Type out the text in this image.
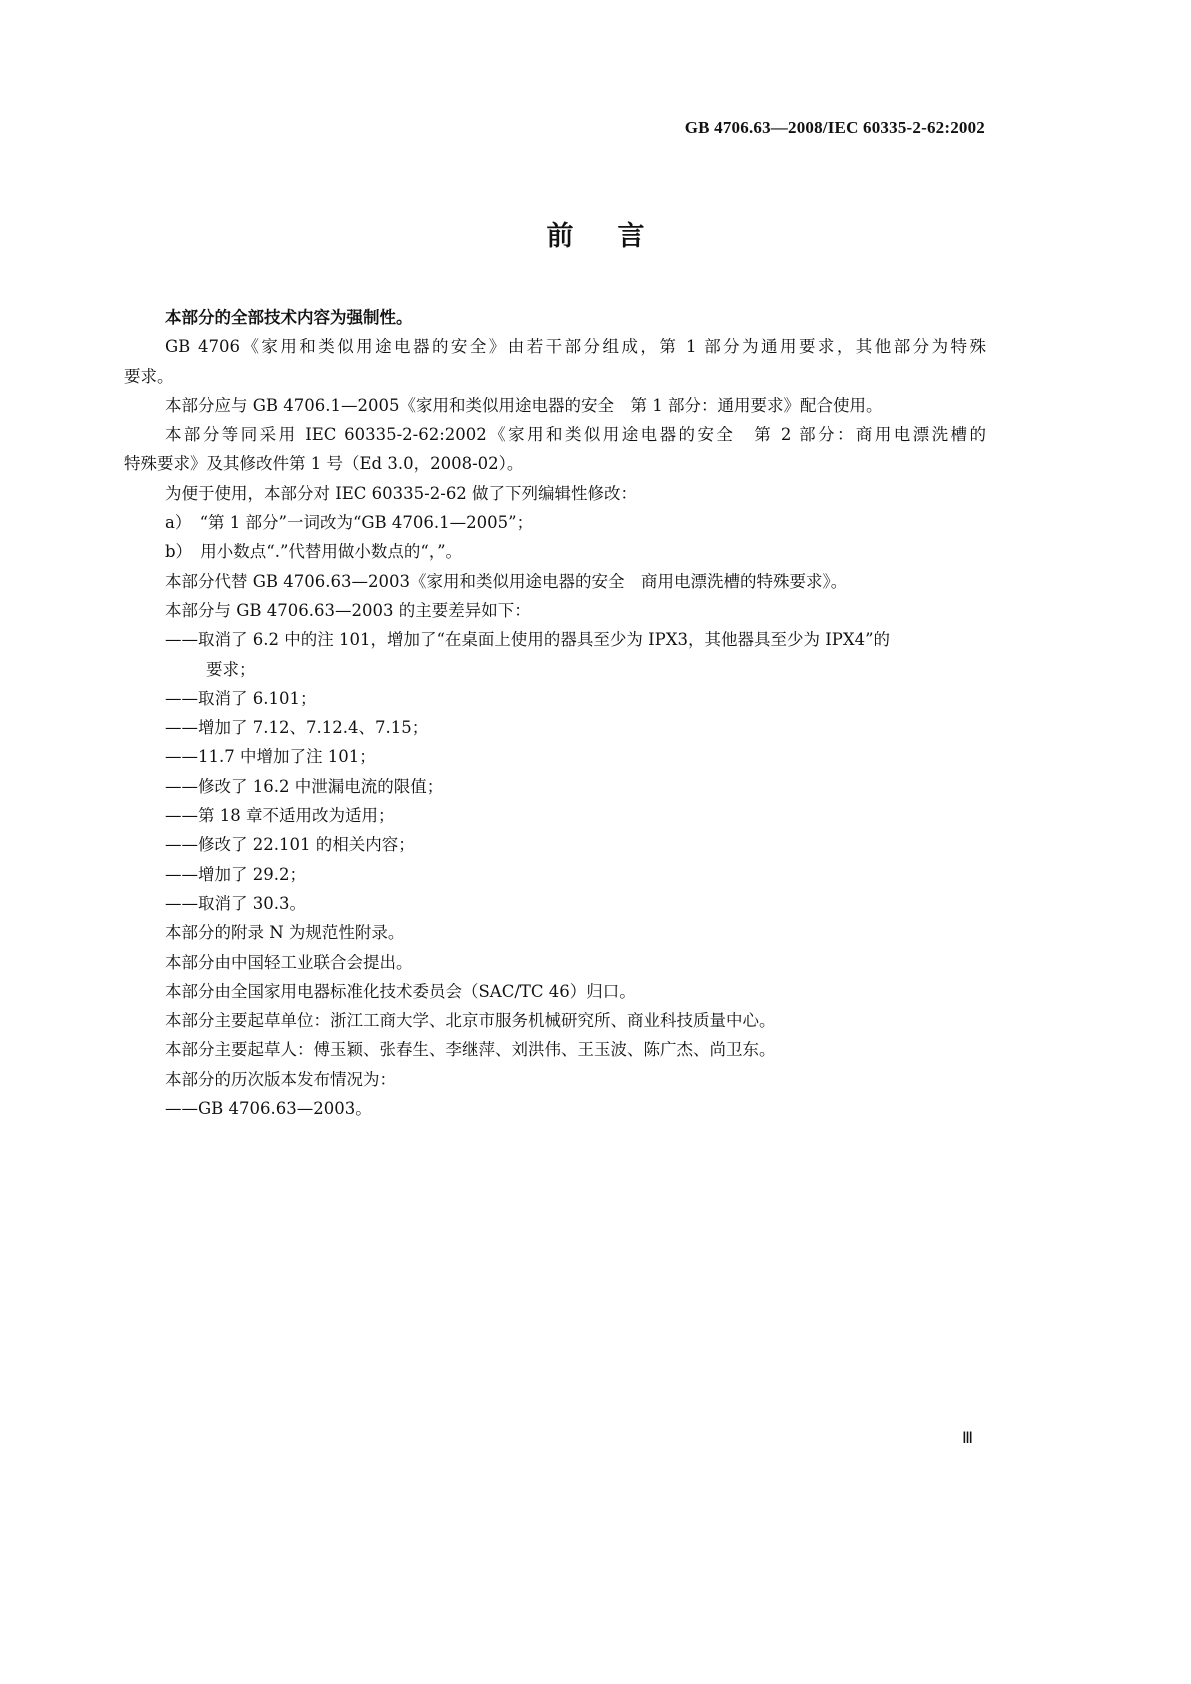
GB 4706.63—2008/IEC 60335-2-62:2002
前言
本部分的全部技术内容为强制性。
GB 4706《家用和类似用途电器的安全》由若干部分组成，第 1 部分为通用要求，其他部分为特殊
要求。
本部分应与 GB 4706.1—2005《家用和类似用途电器的安全　第 1 部分：通用要求》配合使用。
本部分等同采用 IEC 60335-2-62:2002《家用和类似用途电器的安全　第 2 部分：商用电漂洗槽的
特殊要求》及其修改件第 1 号（Ed 3.0，2008-02）。
为便于使用，本部分对 IEC 60335-2-62 做了下列编辑性修改：
a）　“第 1 部分”一词改为“GB 4706.1—2005”；
b）　用小数点“.”代替用做小数点的“，”。
本部分代替 GB 4706.63—2003《家用和类似用途电器的安全　商用电漂洗槽的特殊要求》。
本部分与 GB 4706.63—2003 的主要差异如下：
——取消了 6.2 中的注 101，增加了“在桌面上使用的器具至少为 IPX3，其他器具至少为 IPX4”的
要求；
——取消了 6.101；
——增加了 7.12、7.12.4、7.15；
——11.7 中增加了注 101；
——修改了 16.2 中泄漏电流的限值；
——第 18 章不适用改为适用；
——修改了 22.101 的相关内容；
——增加了 29.2；
——取消了 30.3。
本部分的附录 N 为规范性附录。
本部分由中国轻工业联合会提出。
本部分由全国家用电器标准化技术委员会（SAC/TC 46）归口。
本部分主要起草单位：浙江工商大学、北京市服务机械研究所、商业科技质量中心。
本部分主要起草人：傅玉颖、张春生、李继萍、刘洪伟、王玉波、陈广杰、尚卫东。
本部分的历次版本发布情况为：
——GB 4706.63—2003。
Ⅲ
